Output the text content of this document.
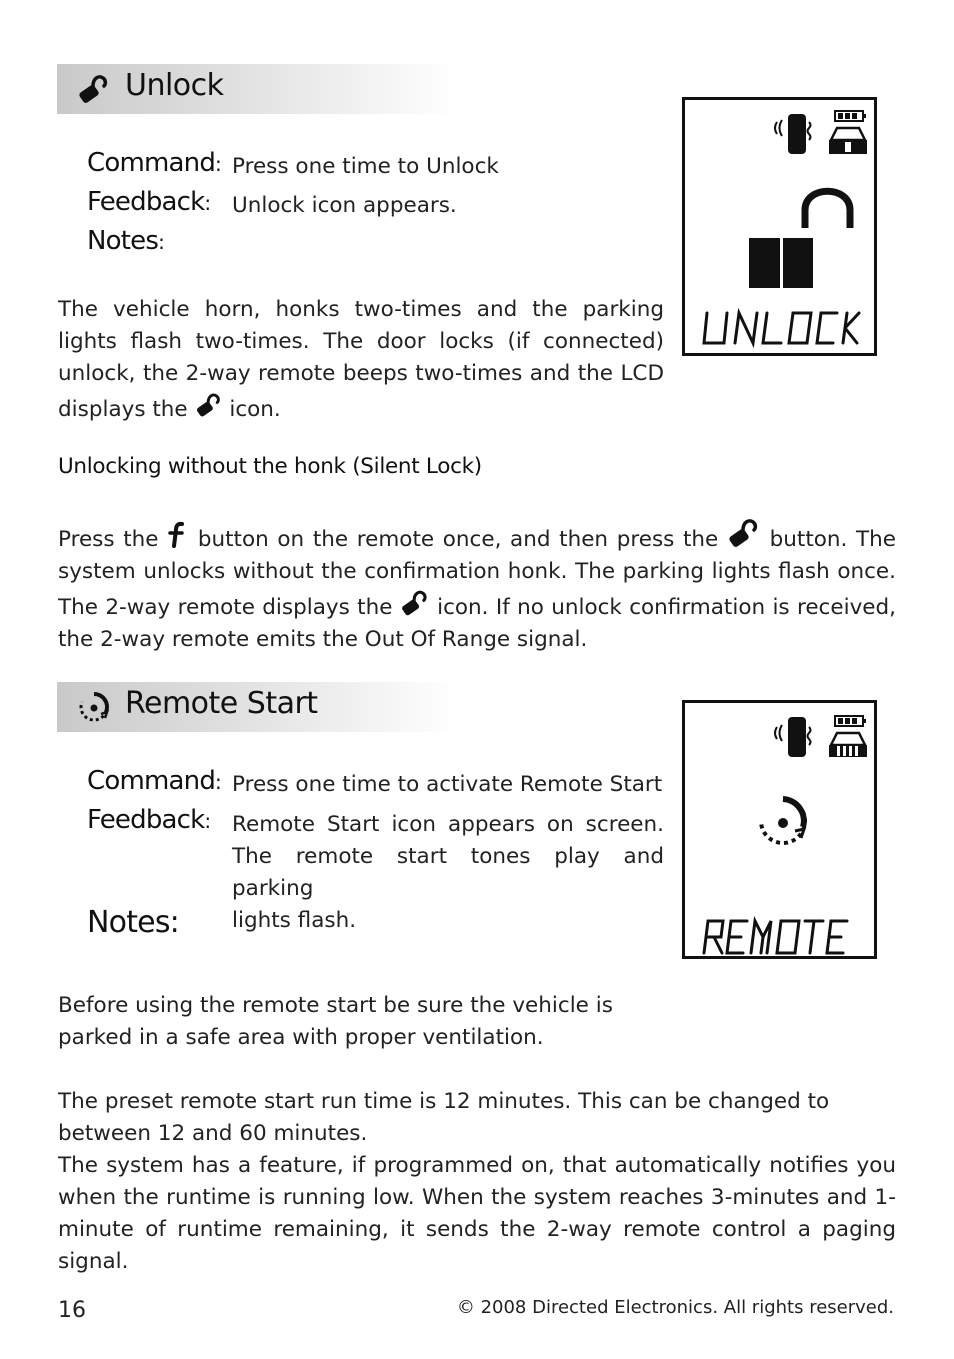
Unlock
Command: Press one time to Unlock
Feedback: Unlock icon appears.
Notes:

The vehicle horn, honks two-times and the parking lights flash two-times. The door locks (if connected) unlock, the 2-way remote beeps two-times and the LCD displays the icon.

Unlocking without the honk (Silent Lock)

Press the button on the remote once, and then press the button. The system unlocks without the confirmation honk. The parking lights flash once. The 2-way remote displays the icon. If no unlock confirmation is received, the 2-way remote emits the Out Of Range signal.

Remote Start
Command: Press one time to activate Remote Start
Feedback: Remote Start icon appears on screen.
The remote start tones play and parking
lights flash.
Notes:

Before using the remote start be sure the vehicle is parked in a safe area with proper ventilation.

The preset remote start run time is 12 minutes. This can be changed to between 12 and 60 minutes.

The system has a feature, if programmed on, that automatically notifies you when the runtime is running low. When the system reaches 3-minutes and 1-minute of runtime remaining, it sends the 2-way remote control a paging signal.

16	© 2008 Directed Electronics. All rights reserved.
